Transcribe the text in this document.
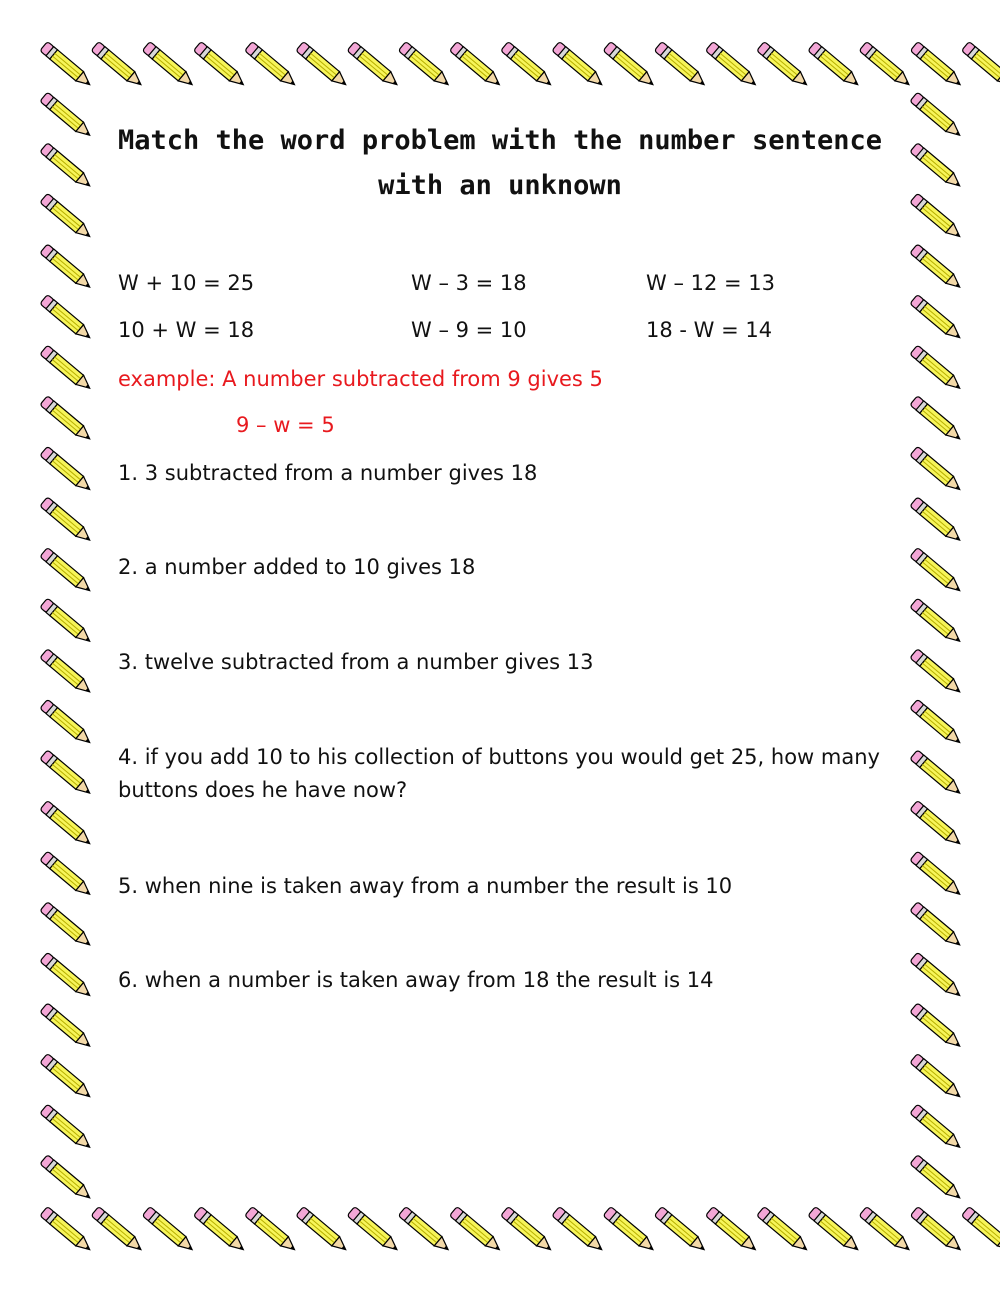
Match the word problem with the number sentence
with an unknown
W + 10 = 25	W – 3 = 18	W – 12 = 13
10 + W = 18	W – 9 = 10	18 - W = 14
example: A number subtracted from 9 gives 5
9 – w = 5
1. 3 subtracted from a number gives 18
2. a number added to 10 gives 18
3. twelve subtracted from a number gives 13
4. if you add 10 to his collection of buttons you would get 25, how many buttons does he have now?
5. when nine is taken away from a number the result is 10
6. when a number is taken away from 18 the result is 14
